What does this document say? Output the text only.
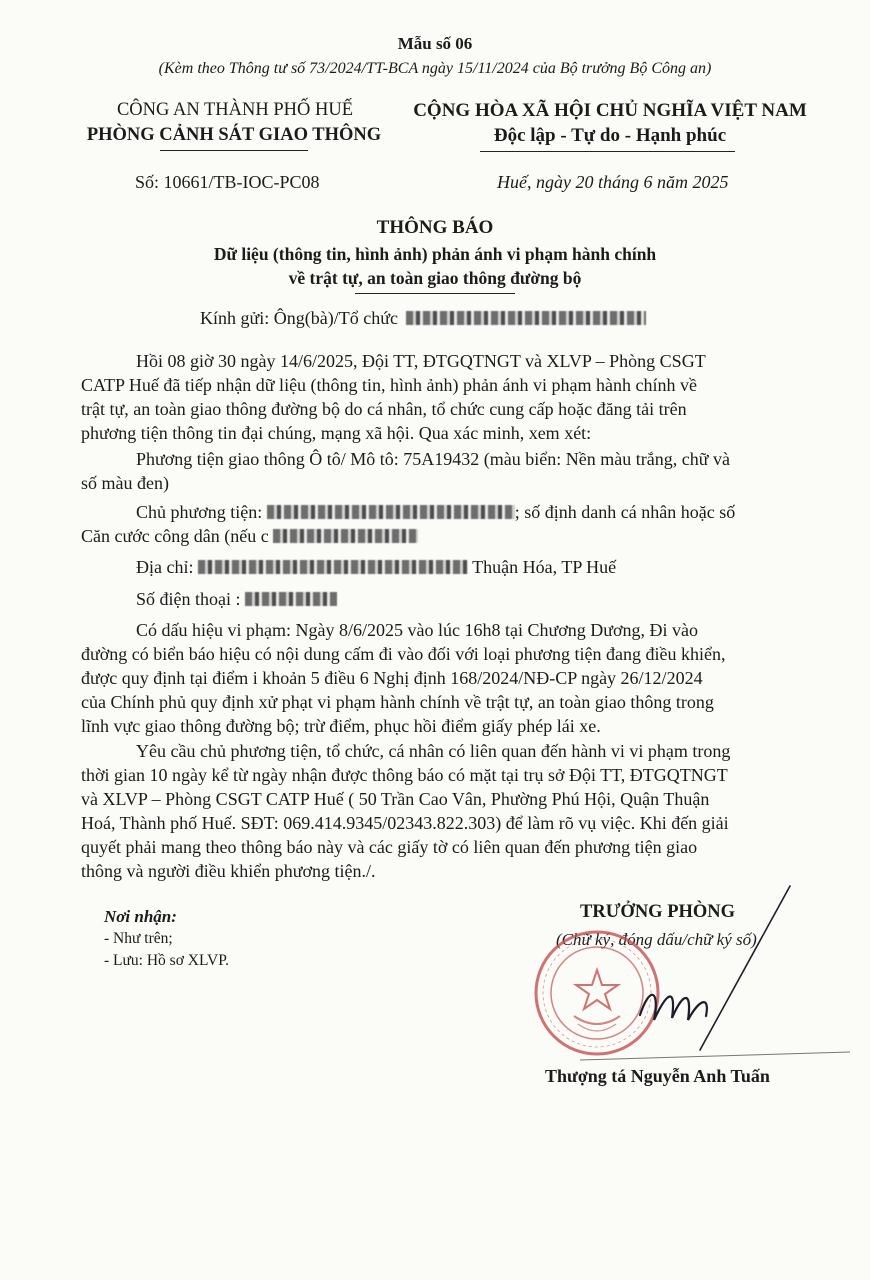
Mẫu số 06
(Kèm theo Thông tư số 73/2024/TT-BCA ngày 15/11/2024 của Bộ trưởng Bộ Công an)
CÔNG AN THÀNH PHỐ HUẾ
PHÒNG CẢNH SÁT GIAO THÔNG
CỘNG HÒA XÃ HỘI CHỦ NGHĨA VIỆT NAM
Độc lập - Tự do - Hạnh phúc
Số: 10661/TB-IOC-PC08	Huế, ngày 20 tháng 6 năm 2025
THÔNG BÁO
Dữ liệu (thông tin, hình ảnh) phản ánh vi phạm hành chính
về trật tự, an toàn giao thông đường bộ
Kính gửi: Ông(bà)/Tổ chức
Hồi 08 giờ 30 ngày 14/6/2025, Đội TT, ĐTGQTNGT và XLVP – Phòng CSGT
CATP Huế đã tiếp nhận dữ liệu (thông tin, hình ảnh) phản ánh vi phạm hành chính về
trật tự, an toàn giao thông đường bộ do cá nhân, tổ chức cung cấp hoặc đăng tải trên
phương tiện thông tin đại chúng, mạng xã hội. Qua xác minh, xem xét:
Phương tiện giao thông Ô tô/ Mô tô: 75A19432 (màu biển: Nền màu trắng, chữ và
số màu đen)
Chủ phương tiện:	; số định danh cá nhân hoặc số
Căn cước công dân (nếu c
Địa chỉ:	Thuận Hóa, TP Huế
Số điện thoại :
Có dấu hiệu vi phạm: Ngày 8/6/2025 vào lúc 16h8 tại Chương Dương, Đi vào
đường có biển báo hiệu có nội dung cấm đi vào đối với loại phương tiện đang điều khiển,
được quy định tại điểm i khoản 5 điều 6 Nghị định 168/2024/NĐ-CP ngày 26/12/2024
của Chính phủ quy định xử phạt vi phạm hành chính về trật tự, an toàn giao thông trong
lĩnh vực giao thông đường bộ; trừ điểm, phục hồi điểm giấy phép lái xe.
Yêu cầu chủ phương tiện, tổ chức, cá nhân có liên quan đến hành vi vi phạm trong
thời gian 10 ngày kể từ ngày nhận được thông báo có mặt tại trụ sở Đội TT, ĐTGQTNGT
và XLVP – Phòng CSGT CATP Huế ( 50 Trần Cao Vân, Phường Phú Hội, Quận Thuận
Hoá, Thành phố Huế. SĐT: 069.414.9345/02343.822.303) để làm rõ vụ việc. Khi đến giải
quyết phải mang theo thông báo này và các giấy tờ có liên quan đến phương tiện giao
thông và người điều khiển phương tiện./.
Nơi nhận:
- Như trên;
- Lưu: Hồ sơ XLVP.
TRƯỞNG PHÒNG
(Chữ ký, đóng dấu/chữ ký số)
Thượng tá Nguyễn Anh Tuấn
